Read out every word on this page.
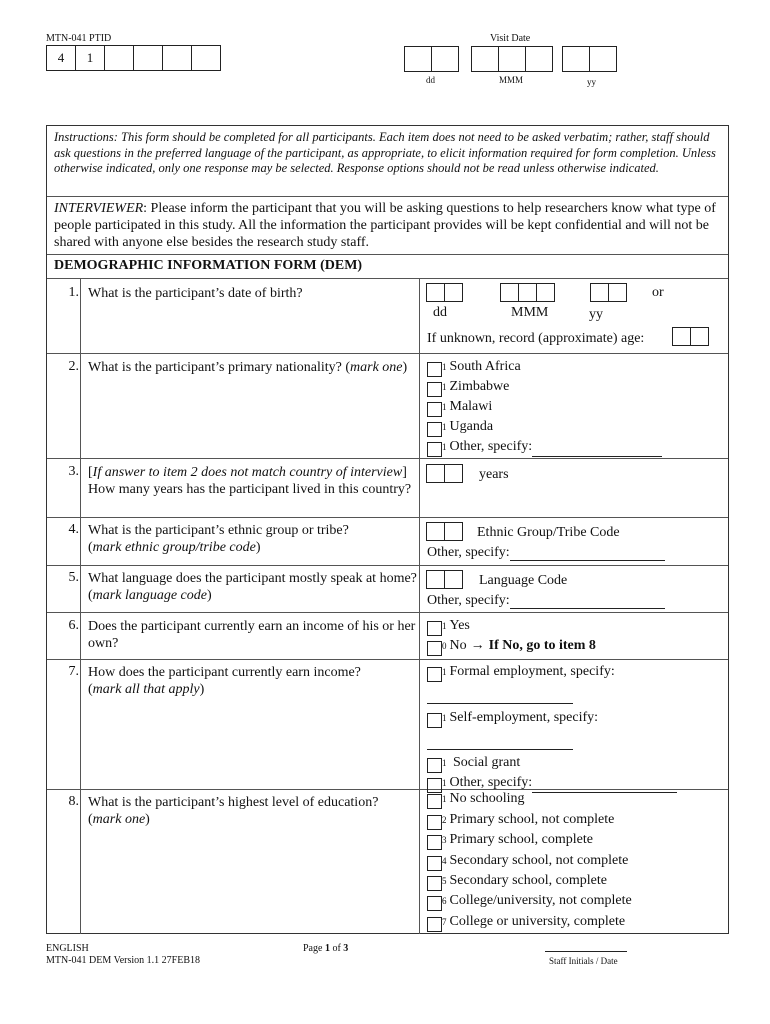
MTN-041 PTID
4	1
Visit Date
dd	MMM	yy
Instructions: This form should be completed for all participants. Each item does not need to be asked verbatim; rather, staff should ask questions in the preferred language of the participant, as appropriate, to elicit information required for form completion. Unless otherwise indicated, only one response may be selected. Response options should not be read unless otherwise indicated.
INTERVIEWER: Please inform the participant that you will be asking questions to help researchers know what type of people participated in this study. All the information the participant provides will be kept confidential and will not be shared with anyone else besides the research study staff.
DEMOGRAPHIC INFORMATION FORM (DEM)
1. What is the participant’s date of birth?	or
dd	MMM	yy
If unknown, record (approximate) age:
2. What is the participant’s primary nationality? (mark one)	1 South Africa
1 Zimbabwe
1 Malawi
1 Uganda
1 Other, specify:
3. [If answer to item 2 does not match country of interview] How many years has the participant lived in this country?
years
4. What is the participant’s ethnic group or tribe?
(mark ethnic group/tribe code)
Ethnic Group/Tribe Code
Other, specify:
5. What language does the participant mostly speak at home? (mark language code)
Language Code
Other, specify:
6. Does the participant currently earn an income of his or her own?
1 Yes
0 No → If No, go to item 8
7. How does the participant currently earn income?
(mark all that apply)
1 Formal employment, specify:
1 Self-employment, specify:
1 Social grant
1 Other, specify:
8. What is the participant’s highest level of education?
(mark one)
1 No schooling
2 Primary school, not complete
3 Primary school, complete
4 Secondary school, not complete
5 Secondary school, complete
6 College/university, not complete
7 College or university, complete
ENGLISH
MTN-041 DEM Version 1.1 27FEB18
Page 1 of 3
Staff Initials / Date
